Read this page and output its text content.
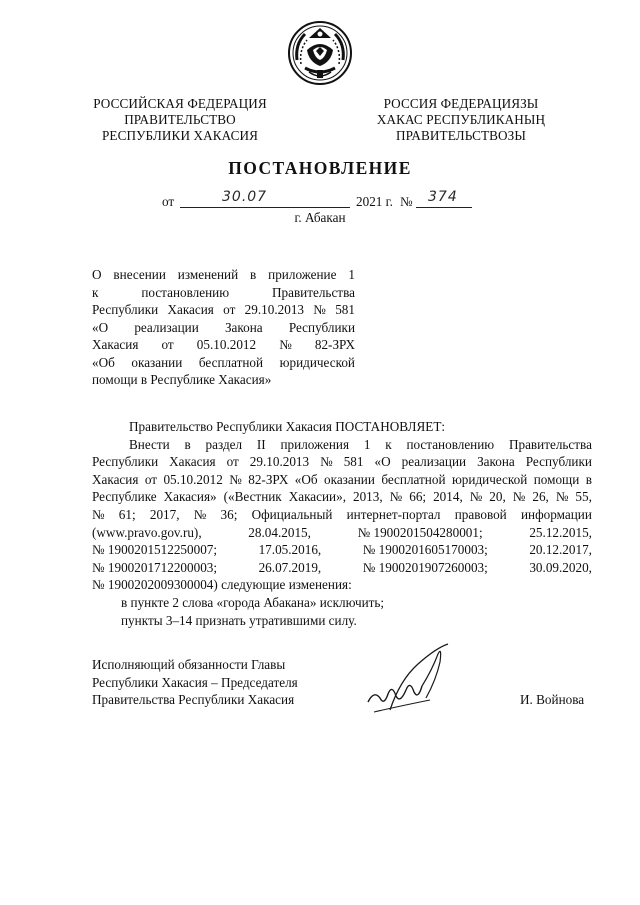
РОССИЙСКАЯ ФЕДЕРАЦИЯ
ПРАВИТЕЛЬСТВО
РЕСПУБЛИКИ ХАКАСИЯ
РОССИЯ ФЕДЕРАЦИЯЗЫ
ХАКАС РЕСПУБЛИКАНЫҢ
ПРАВИТЕЛЬСТВОЗЫ
ПОСТАНОВЛЕНИЕ
от	30.07	2021 г. № 374
г. Абакан
О внесении изменений в приложение 1
к	постановлению	Правительства
Республики Хакасия от 29.10.2013 № 581
«О реализации Закона Республики
Хакасия от 05.10.2012 № 82-ЗРХ
«Об оказании бесплатной юридической
помощи в Республике Хакасия»
Правительство Республики Хакасия ПОСТАНОВЛЯЕТ:
Внести в раздел II приложения 1 к постановлению Правительства
Республики Хакасия от 29.10.2013 № 581 «О реализации Закона Республики
Хакасия от 05.10.2012 № 82-ЗРХ «Об оказании бесплатной юридической помощи в
Республике Хакасия» («Вестник Хакасии», 2013, № 66; 2014, № 20, № 26, № 55,
№ 61; 2017, № 36; Официальный интернет-портал правовой информации
(www.pravo.gov.ru),	28.04.2015,	№ 1900201504280001;	25.12.2015,
№ 1900201512250007;	17.05.2016,	№ 1900201605170003;	20.12.2017,
№ 1900201712200003;	26.07.2019,	№ 1900201907260003;	30.09.2020,
№ 1900202009300004) следующие изменения:
в пункте 2 слова «города Абакана» исключить;
пункты 3–14 признать утратившими силу.
Исполняющий обязанности Главы
Республики Хакасия – Председателя
Правительства Республики Хакасия	И. Войнова
